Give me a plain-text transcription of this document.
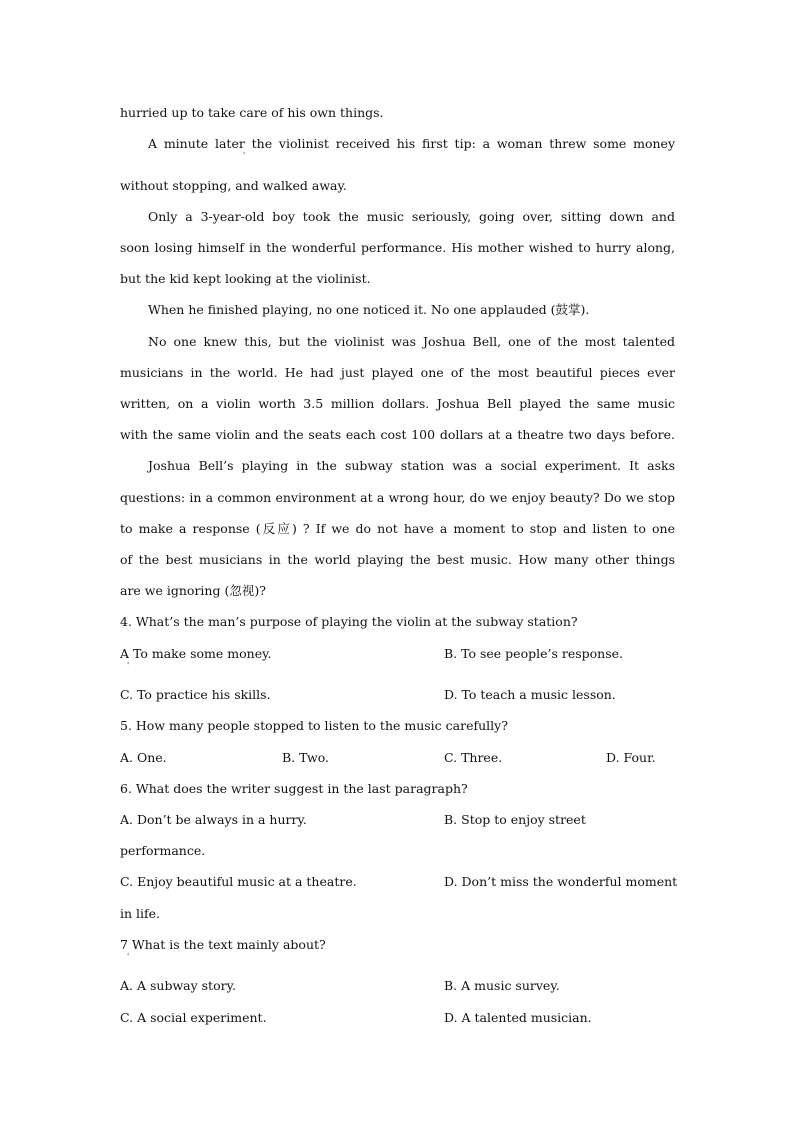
hurried up to take care of his own things.
A minute later the violinist received his first tip: a woman threw some money
'
without stopping, and walked away.
Only a 3-year-old boy took the music seriously, going over, sitting down and
soon losing himself in the wonderful performance. His mother wished to hurry along,
but the kid kept looking at the violinist.
When he finished playing, no one noticed it. No one applauded (鼓掌).
No one knew this, but the violinist was Joshua Bell, one of the most talented
musicians in the world. He had just played one of the most beautiful pieces ever
written, on a violin worth 3.5 million dollars. Joshua Bell played the same music
with the same violin and the seats each cost 100 dollars at a theatre two days before.
Joshua Bell’s playing in the subway station was a social experiment. It asks
questions: in a common environment at a wrong hour, do we enjoy beauty? Do we stop
to make a response (反应) ? If we do not have a moment to stop and listen to one
of the best musicians in the world playing the best music. How many other things
are we ignoring (忽视)?
4. What’s the man’s purpose of playing the violin at the subway station?
A To make some money.
'
B. To see people’s response.
C. To practice his skills.	D. To teach a music lesson.
5. How many people stopped to listen to the music carefully?
A. One.	B. Two.	C. Three.	D. Four.
6. What does the writer suggest in the last paragraph?
A. Don’t be always in a hurry.	B. Stop to enjoy street
performance.
C. Enjoy beautiful music at a theatre.	D. Don’t miss the wonderful moment
in life.
7 What is the text mainly about?
'
A. A subway story.	B. A music survey.
C. A social experiment.	D. A talented musician.
